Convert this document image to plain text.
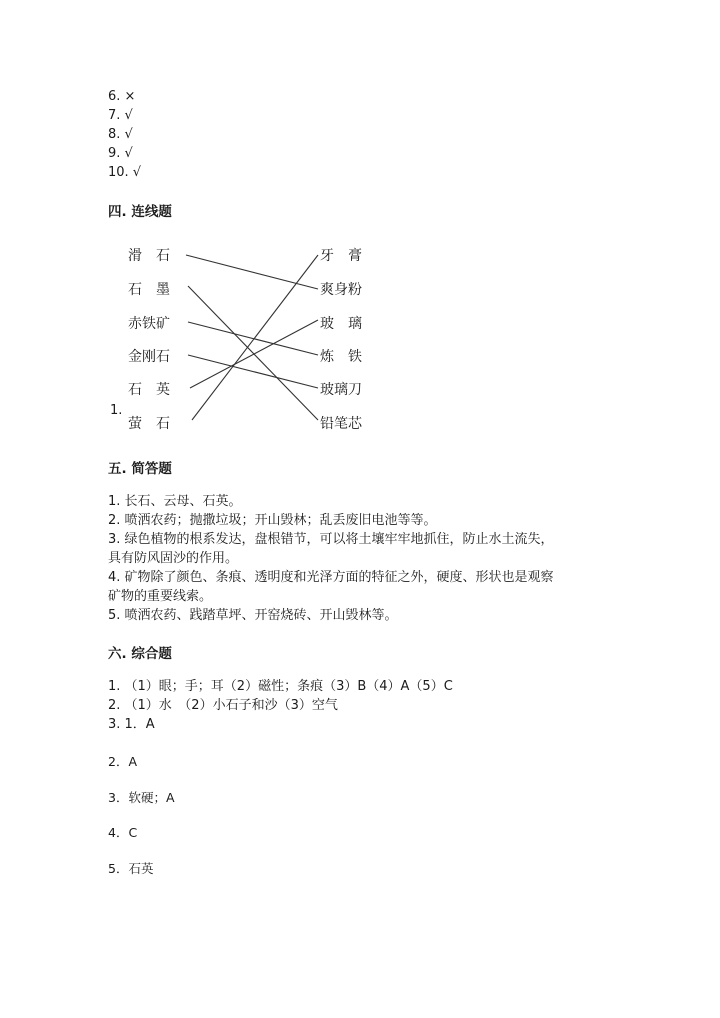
6. ×
7. √
8. √
9. √
10. √
四. 连线题
滑　石
石　墨
赤铁矿
金刚石
石　英
萤　石
牙　膏
爽身粉
玻　璃
炼　铁
玻璃刀
铅笔芯
1.
五. 简答题
1. 长石、云母、石英。
2. 喷洒农药；抛撒垃圾；开山毁林；乱丢废旧电池等等。
3. 绿色植物的根系发达，盘根错节，可以将土壤牢牢地抓住，防止水土流失，
具有防风固沙的作用。
4. 矿物除了颜色、条痕、透明度和光泽方面的特征之外，硬度、形状也是观察
矿物的重要线索。
5. 喷洒农药、践踏草坪、开窑烧砖、开山毁林等。
六. 综合题
1. （1）眼；手；耳（2）磁性；条痕（3）B（4）A（5）C
2. （1）水　（2）小石子和沙（3）空气
3. 1．A
2．A
3．软硬；A
4．C
5．石英
